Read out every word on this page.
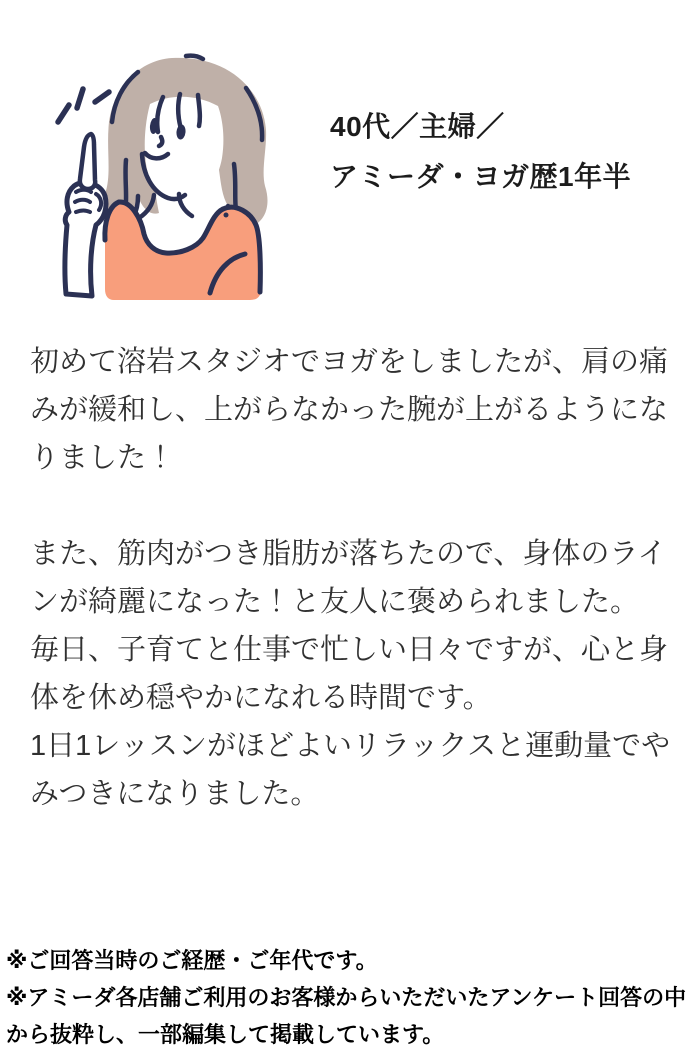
40代／主婦／
アミーダ・ヨガ歴1年半

初めて溶岩スタジオでヨガをしましたが、肩の痛みが緩和し、上がらなかった腕が上がるようになりました！

また、筋肉がつき脂肪が落ちたので、身体のラインが綺麗になった！と友人に褒められました。

毎日、子育てと仕事で忙しい日々ですが、心と身体を休め穏やかになれる時間です。

1日1レッスンがほどよいリラックスと運動量でやみつきになりました。

※ご回答当時のご経歴・ご年代です。

※アミーダ各店舗ご利用のお客様からいただいたアンケート回答の中から抜粋し、一部編集して掲載しています。
